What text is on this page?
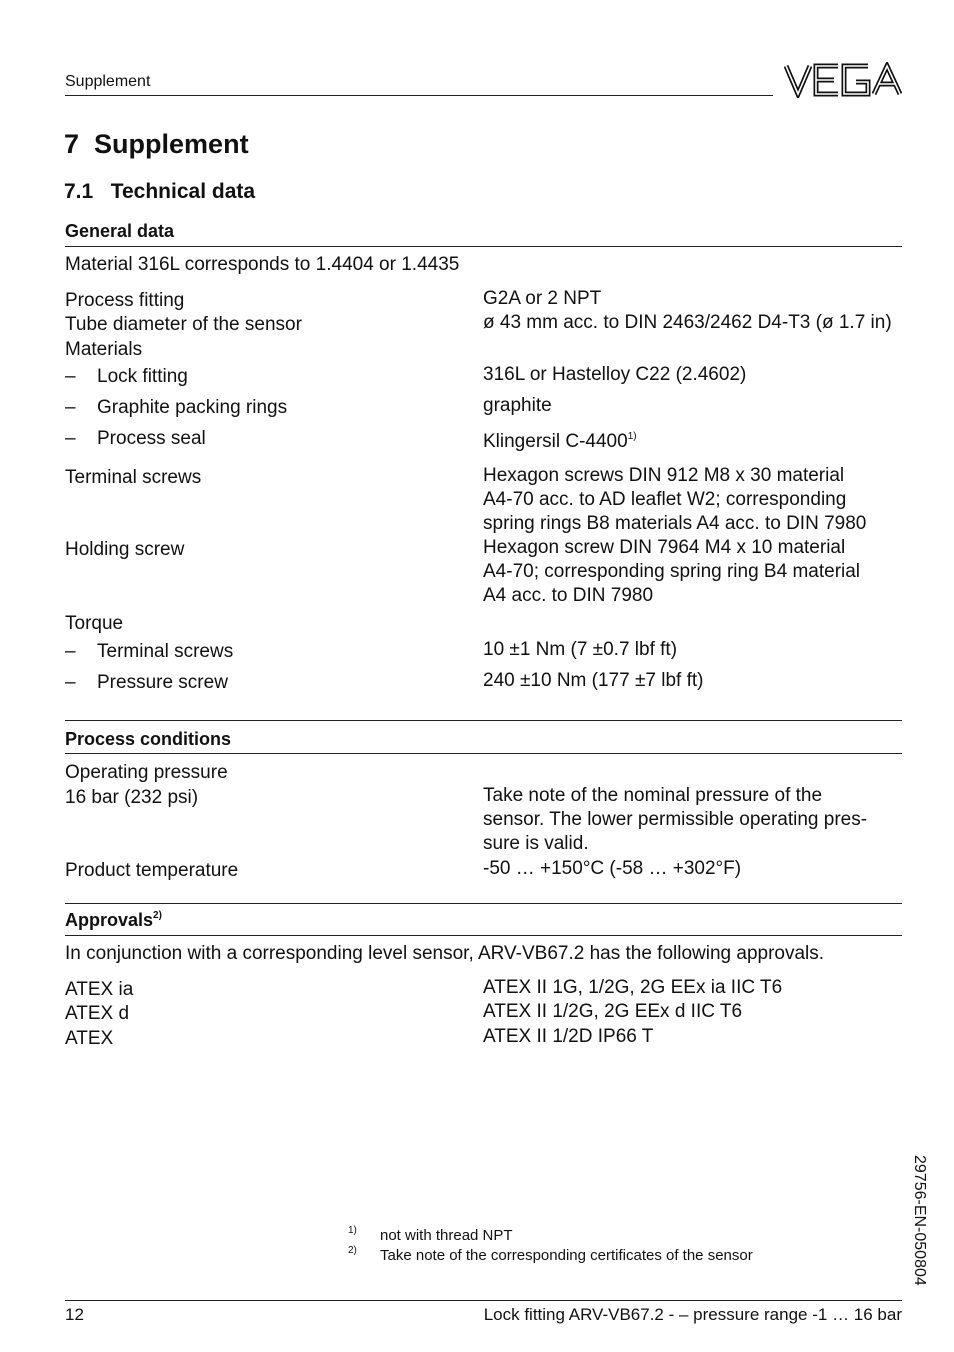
Supplement
7 Supplement
7.1 Technical data
General data
Material 316L corresponds to 1.4404 or 1.4435
Process fitting	G2A or 2 NPT
Tube diameter of the sensor	ø 43 mm acc. to DIN 2463/2462 D4-T3 (ø 1.7 in)
Materials
– Lock fitting	316L or Hastelloy C22 (2.4602)
– Graphite packing rings	graphite
– Process seal	Klingersil C-4400$^{1)}$
Terminal screws	Hexagon screws DIN 912 M8 x 30 material
A4-70 acc. to AD leaflet W2; corresponding
spring rings B8 materials A4 acc. to DIN 7980
Holding screw	Hexagon screw DIN 7964 M4 x 10 material
A4-70; corresponding spring ring B4 material
A4 acc. to DIN 7980
Torque
– Terminal screws	10 ±1 Nm (7 ±0.7 lbf ft)
– Pressure screw	240 ±10 Nm (177 ±7 lbf ft)
Process conditions
Operating pressure
16 bar (232 psi)	Take note of the nominal pressure of the
sensor. The lower permissible operating pres-
sure is valid.
Product temperature	-50 … +150°C (-58 … +302°F)
Approvals$^{2)}$
In conjunction with a corresponding level sensor, ARV-VB67.2 has the following approvals.
ATEX ia	ATEX II 1G, 1/2G, 2G EEx ia IIC T6
ATEX d	ATEX II 1/2G, 2G EEx d IIC T6
ATEX	ATEX II 1/2D IP66 T
1) not with thread NPT
2) Take note of the corresponding certificates of the sensor	29756-EN-050804
12	Lock fitting ARV-VB67.2 - – pressure range -1 … 16 bar
